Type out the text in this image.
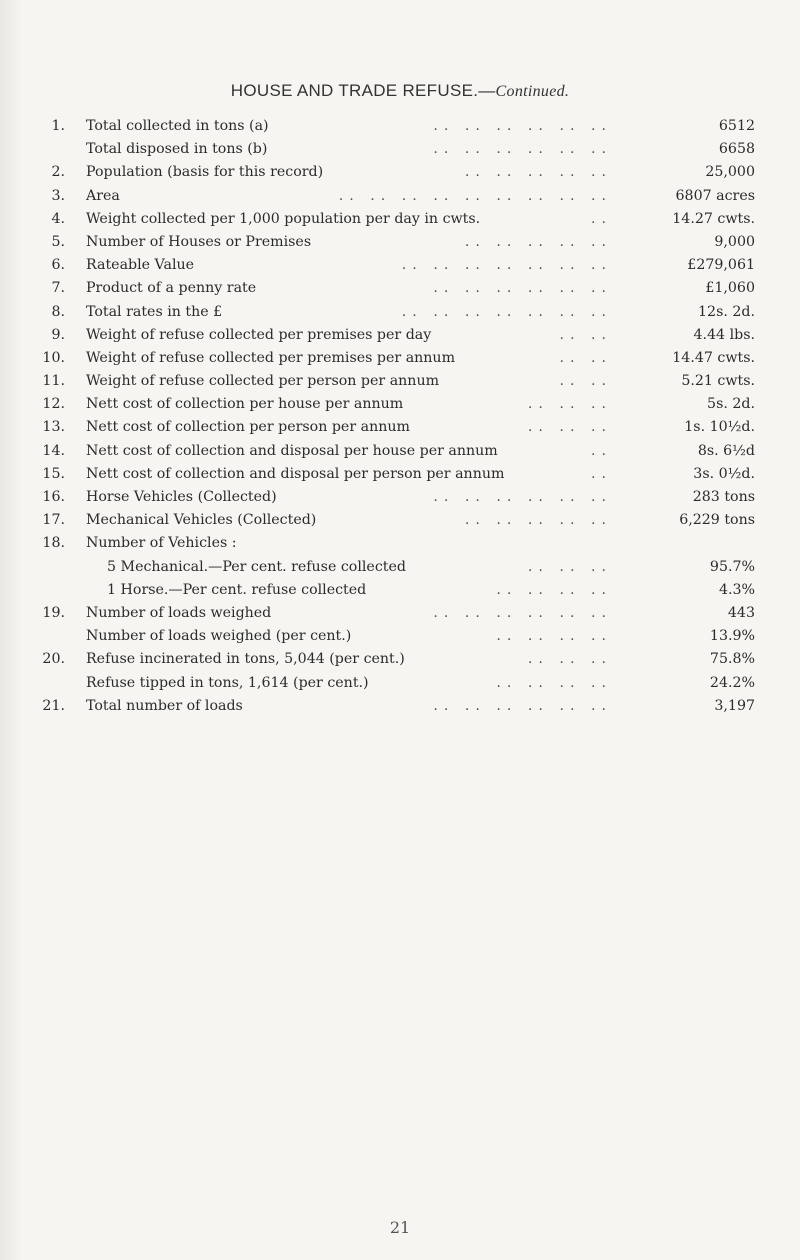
HOUSE AND TRADE REFUSE.—Continued.
1. Total collected in tons (a)	.. .. .. .. .. ..	6512
Total disposed in tons (b)	.. .. .. .. .. ..	6658
2. Population (basis for this record)	.. .. .. .. ..	25,000
3. Area	.. .. .. .. .. .. .. .. ..	6807 acres
4. Weight collected per 1,000 population per day in cwts.	..	14.27 cwts.
5. Number of Houses or Premises	.. .. .. .. ..	9,000
6. Rateable Value	.. .. .. .. .. .. ..	£279,061
7. Product of a penny rate	.. .. .. .. .. ..	£1,060
8. Total rates in the £	.. .. .. .. .. .. ..	12s. 2d.
9. Weight of refuse collected per premises per day	.. ..	4.44 lbs.
10. Weight of refuse collected per premises per annum	.. ..	14.47 cwts.
11. Weight of refuse collected per person per annum	.. ..	5.21 cwts.
12. Nett cost of collection per house per annum	.. .. ..	5s. 2d.
13. Nett cost of collection per person per annum	.. .. ..	1s. 10½d.
14. Nett cost of collection and disposal per house per annum	..	8s. 6½d
15. Nett cost of collection and disposal per person per annum	..	3s. 0½d.
16. Horse Vehicles (Collected)	.. .. .. .. .. ..	283 tons
17. Mechanical Vehicles (Collected)	.. .. .. .. ..	6,229 tons
18. Number of Vehicles :
5 Mechanical.—Per cent. refuse collected	.. .. ..	95.7%
1 Horse.—Per cent. refuse collected	.. .. .. ..	4.3%
19. Number of loads weighed	.. .. .. .. .. ..	443
Number of loads weighed (per cent.)	.. .. .. ..	13.9%
20. Refuse incinerated in tons, 5,044 (per cent.)	.. .. ..	75.8%
Refuse tipped in tons, 1,614 (per cent.)	.. .. .. ..	24.2%
21. Total number of loads	.. .. .. .. .. ..	3,197
21
